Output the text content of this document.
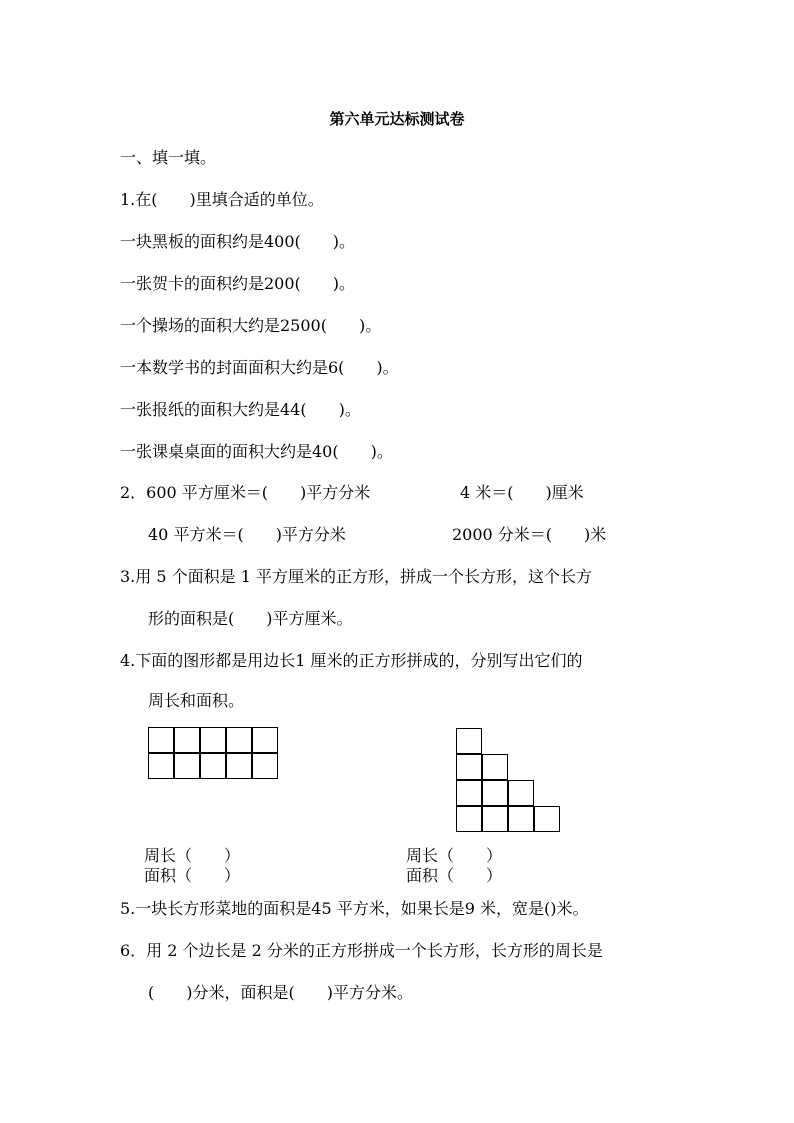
第六单元达标测试卷
一、填一填。
1.在(　　)里填合适的单位。
一块黑板的面积约是400(　　)。
一张贺卡的面积约是200(　　)。
一个操场的面积大约是2500(　　)。
一本数学书的封面面积大约是6(　　)。
一张报纸的面积大约是44(　　)。
一张课桌桌面的面积大约是40(　　)。
2．600 平方厘米＝(　　)平方分米	4 米＝(　　)厘米
40 平方米＝(　　)平方分米	2000 分米＝(　　)米
3.用 5 个面积是 1 平方厘米的正方形，拼成一个长方形，这个长方
形的面积是(　　)平方厘米。
4.下面的图形都是用边长1 厘米的正方形拼成的，分别写出它们的
周长和面积。
周长（　　）
面积（　　）
周长（　　）
面积（　　）
5.一块长方形菜地的面积是45 平方米，如果长是9 米，宽是()米。
6．用 2 个边长是 2 分米的正方形拼成一个长方形，长方形的周长是
(　　)分米，面积是(　　)平方分米。
